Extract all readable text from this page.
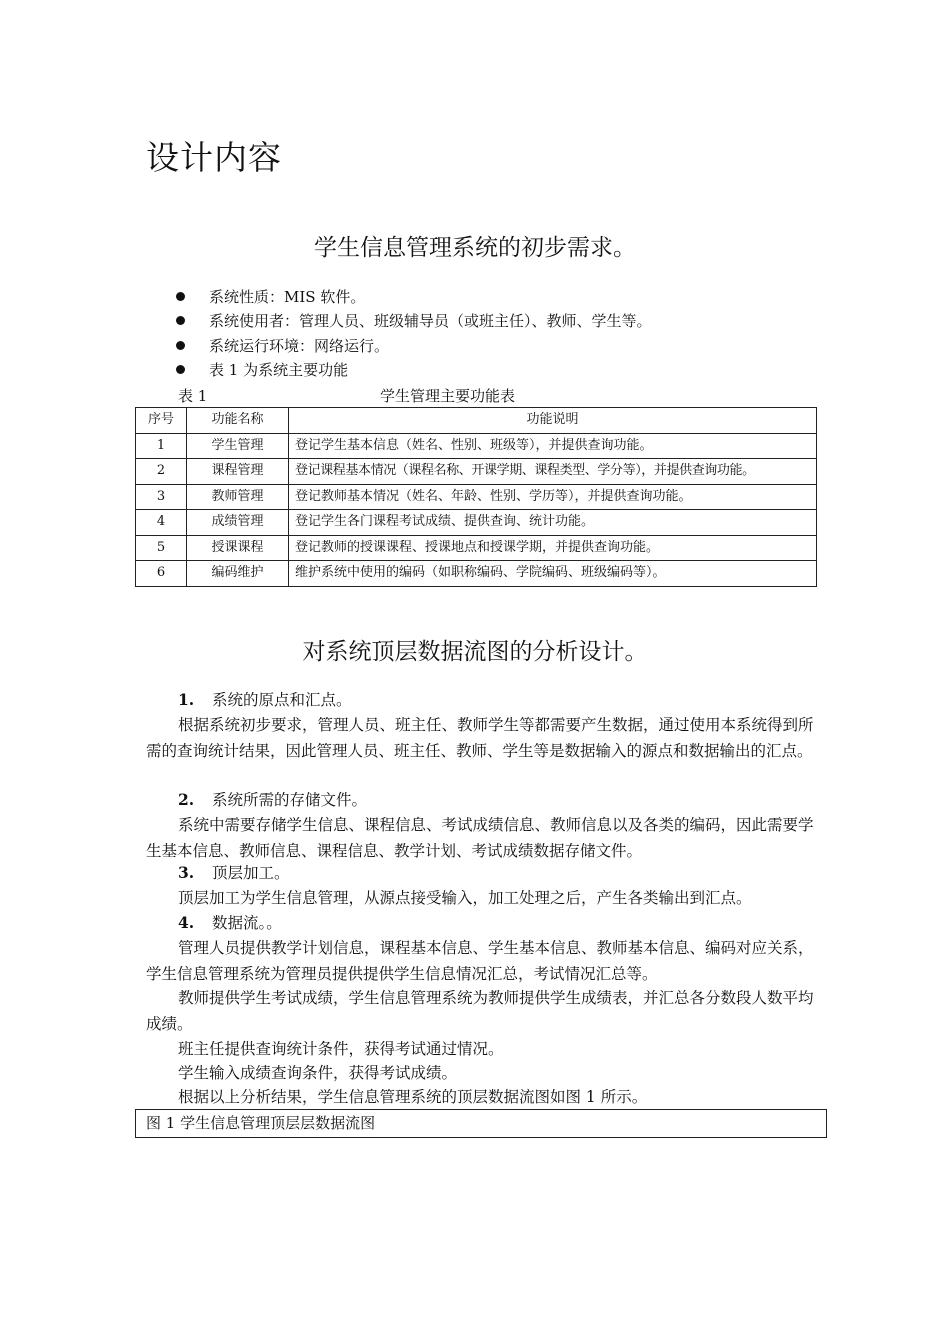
设计内容
学生信息管理系统的初步需求。
系统性质：MIS 软件。
系统使用者：管理人员、班级辅导员（或班主任）、教师、学生等。
系统运行环境：网络运行。
表 1 为系统主要功能
表 1	学生管理主要功能表
序号	功能名称	功能说明
1	学生管理	登记学生基本信息（姓名、性别、班级等），并提供查询功能。
2	课程管理	登记课程基本情况（课程名称、开课学期、课程类型、学分等），并提供查询功能。
3	教师管理	登记教师基本情况（姓名、年龄、性别、学历等），并提供查询功能。
4	成绩管理	登记学生各门课程考试成绩、提供查询、统计功能。
5	授课课程	登记教师的授课课程、授课地点和授课学期，并提供查询功能。
6	编码维护	维护系统中使用的编码（如职称编码、学院编码、班级编码等）。
对系统顶层数据流图的分析设计。
1. 系统的原点和汇点。
根据系统初步要求，管理人员、班主任、教师学生等都需要产生数据，通过使用本系统得到所需的查询统计结果，因此管理人员、班主任、教师、学生等是数据输入的源点和数据输出的汇点。
2. 系统所需的存储文件。
系统中需要存储学生信息、课程信息、考试成绩信息、教师信息以及各类的编码，因此需要学生基本信息、教师信息、课程信息、教学计划、考试成绩数据存储文件。
3. 顶层加工。
顶层加工为学生信息管理，从源点接受输入，加工处理之后，产生各类输出到汇点。
4. 数据流。。
管理人员提供教学计划信息，课程基本信息、学生基本信息、教师基本信息、编码对应关系，学生信息管理系统为管理员提供提供学生信息情况汇总，考试情况汇总等。
教师提供学生考试成绩，学生信息管理系统为教师提供学生成绩表，并汇总各分数段人数平均成绩。
班主任提供查询统计条件，获得考试通过情况。
学生输入成绩查询条件，获得考试成绩。
根据以上分析结果，学生信息管理系统的顶层数据流图如图 1 所示。
图 1 学生信息管理顶层层数据流图
